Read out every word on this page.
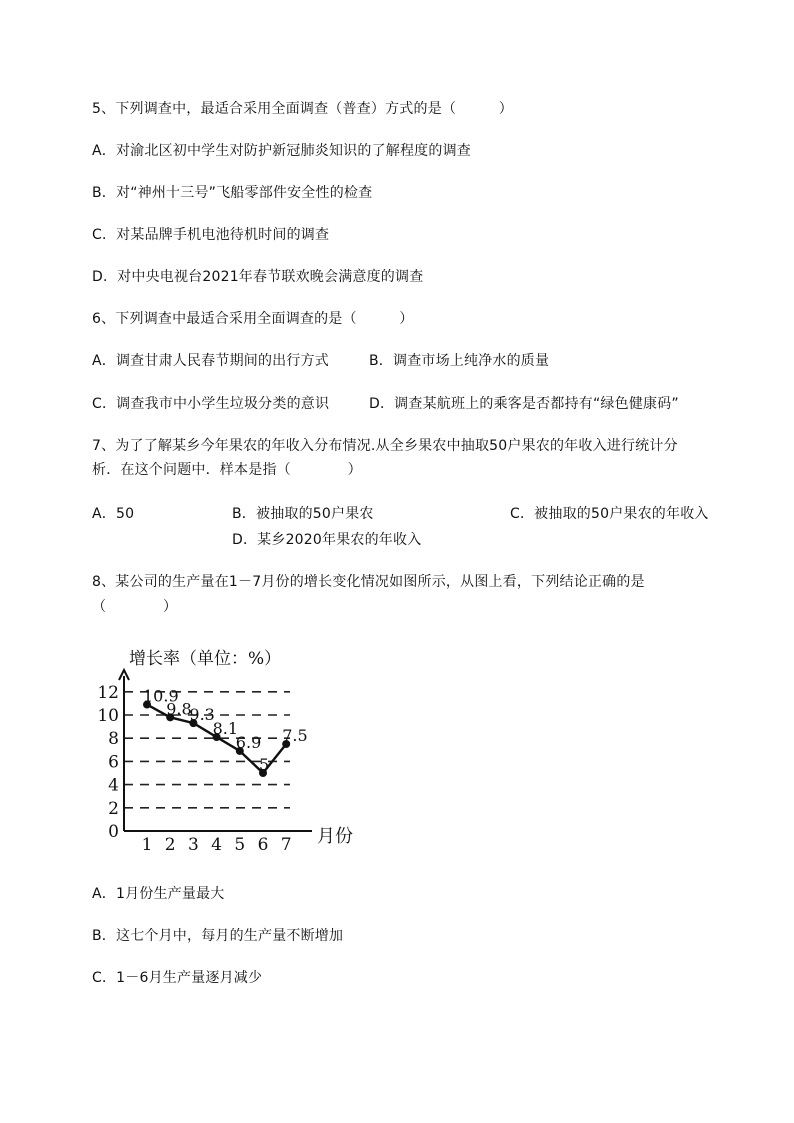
5、下列调查中，最适合采用全面调查（普查）方式的是（　　　）
A．对渝北区初中学生对防护新冠肺炎知识的了解程度的调查
B．对“神州十三号”飞船零部件安全性的检查
C．对某品牌手机电池待机时间的调查
D．对中央电视台2021年春节联欢晚会满意度的调查
6、下列调查中最适合采用全面调查的是（　　　）
A．调查甘肃人民春节期间的出行方式	B．调查市场上纯净水的质量
C．调查我市中小学生垃圾分类的意识	D．调查某航班上的乘客是否都持有“绿色健康码”
7、为了了解某乡今年果农的年收入分布情况.从全乡果农中抽取50户果农的年收入进行统计分
析．在这个问题中．样本是指（　　　　）
A．50	B．被抽取的50户果农	C．被抽取的50户果农的年收入
D．某乡2020年果农的年收入
8、某公司的生产量在1－7月份的增长变化情况如图所示，从图上看，下列结论正确的是
（　　　　）
增长率（单位：%）
12
10
8
6
4
2
0
1 2 3 4 5 6 7 月份
10.9
9.8
9.3
8.1
6.9
5
7.5
A．1月份生产量最大
B．这七个月中，每月的生产量不断增加
C．1－6月生产量逐月减少
